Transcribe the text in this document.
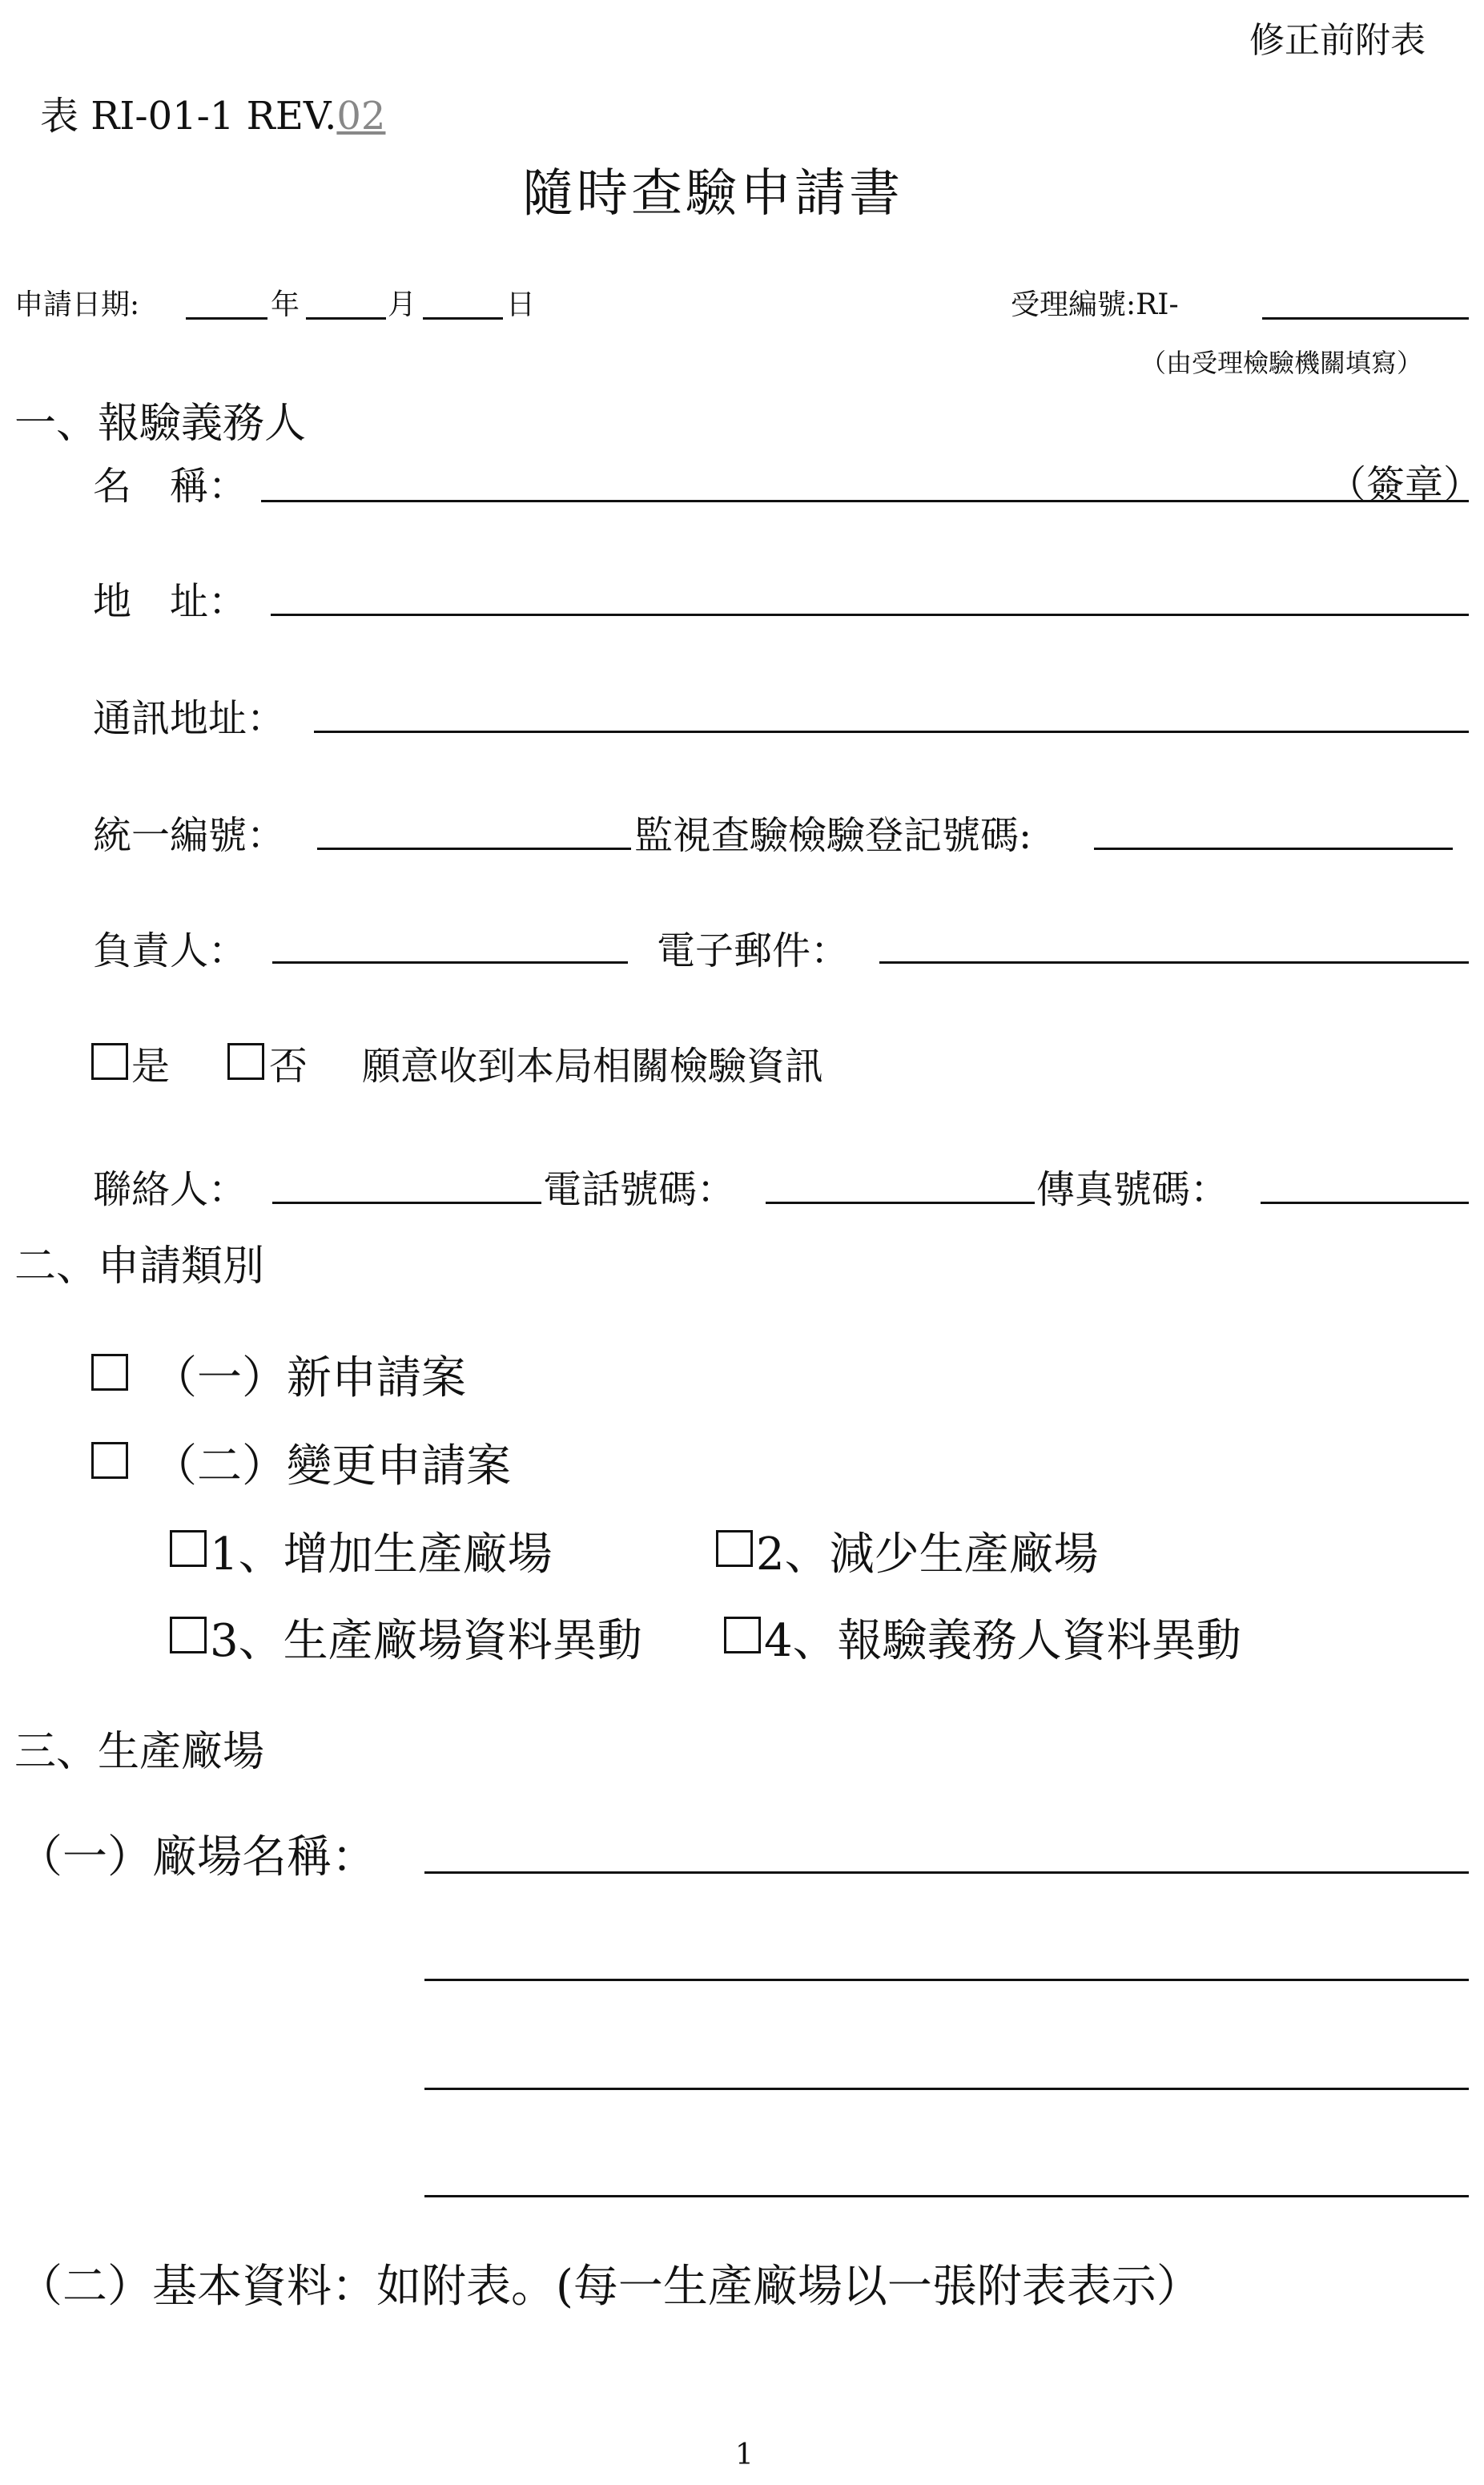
修正前附表
表 RI-01-1 REV.02
隨時查驗申請書
申請日期:	年	月	日	受理編號:RI-
（由受理檢驗機關填寫）
一、報驗義務人
名　稱：	（簽章）
地　址：
通訊地址：
統一編號：	監視查驗檢驗登記號碼:
負責人：	電子郵件：
是	否 願意收到本局相關檢驗資訊
聯絡人：	電話號碼：	傳真號碼：
二、申請類別
（一）新申請案
（二）變更申請案
1、增加生產廠場	2、減少生產廠場
3、生產廠場資料異動	4、報驗義務人資料異動
三、生產廠場
（一）廠場名稱：
（二）基本資料：如附表。(每一生產廠場以一張附表表示）
1
